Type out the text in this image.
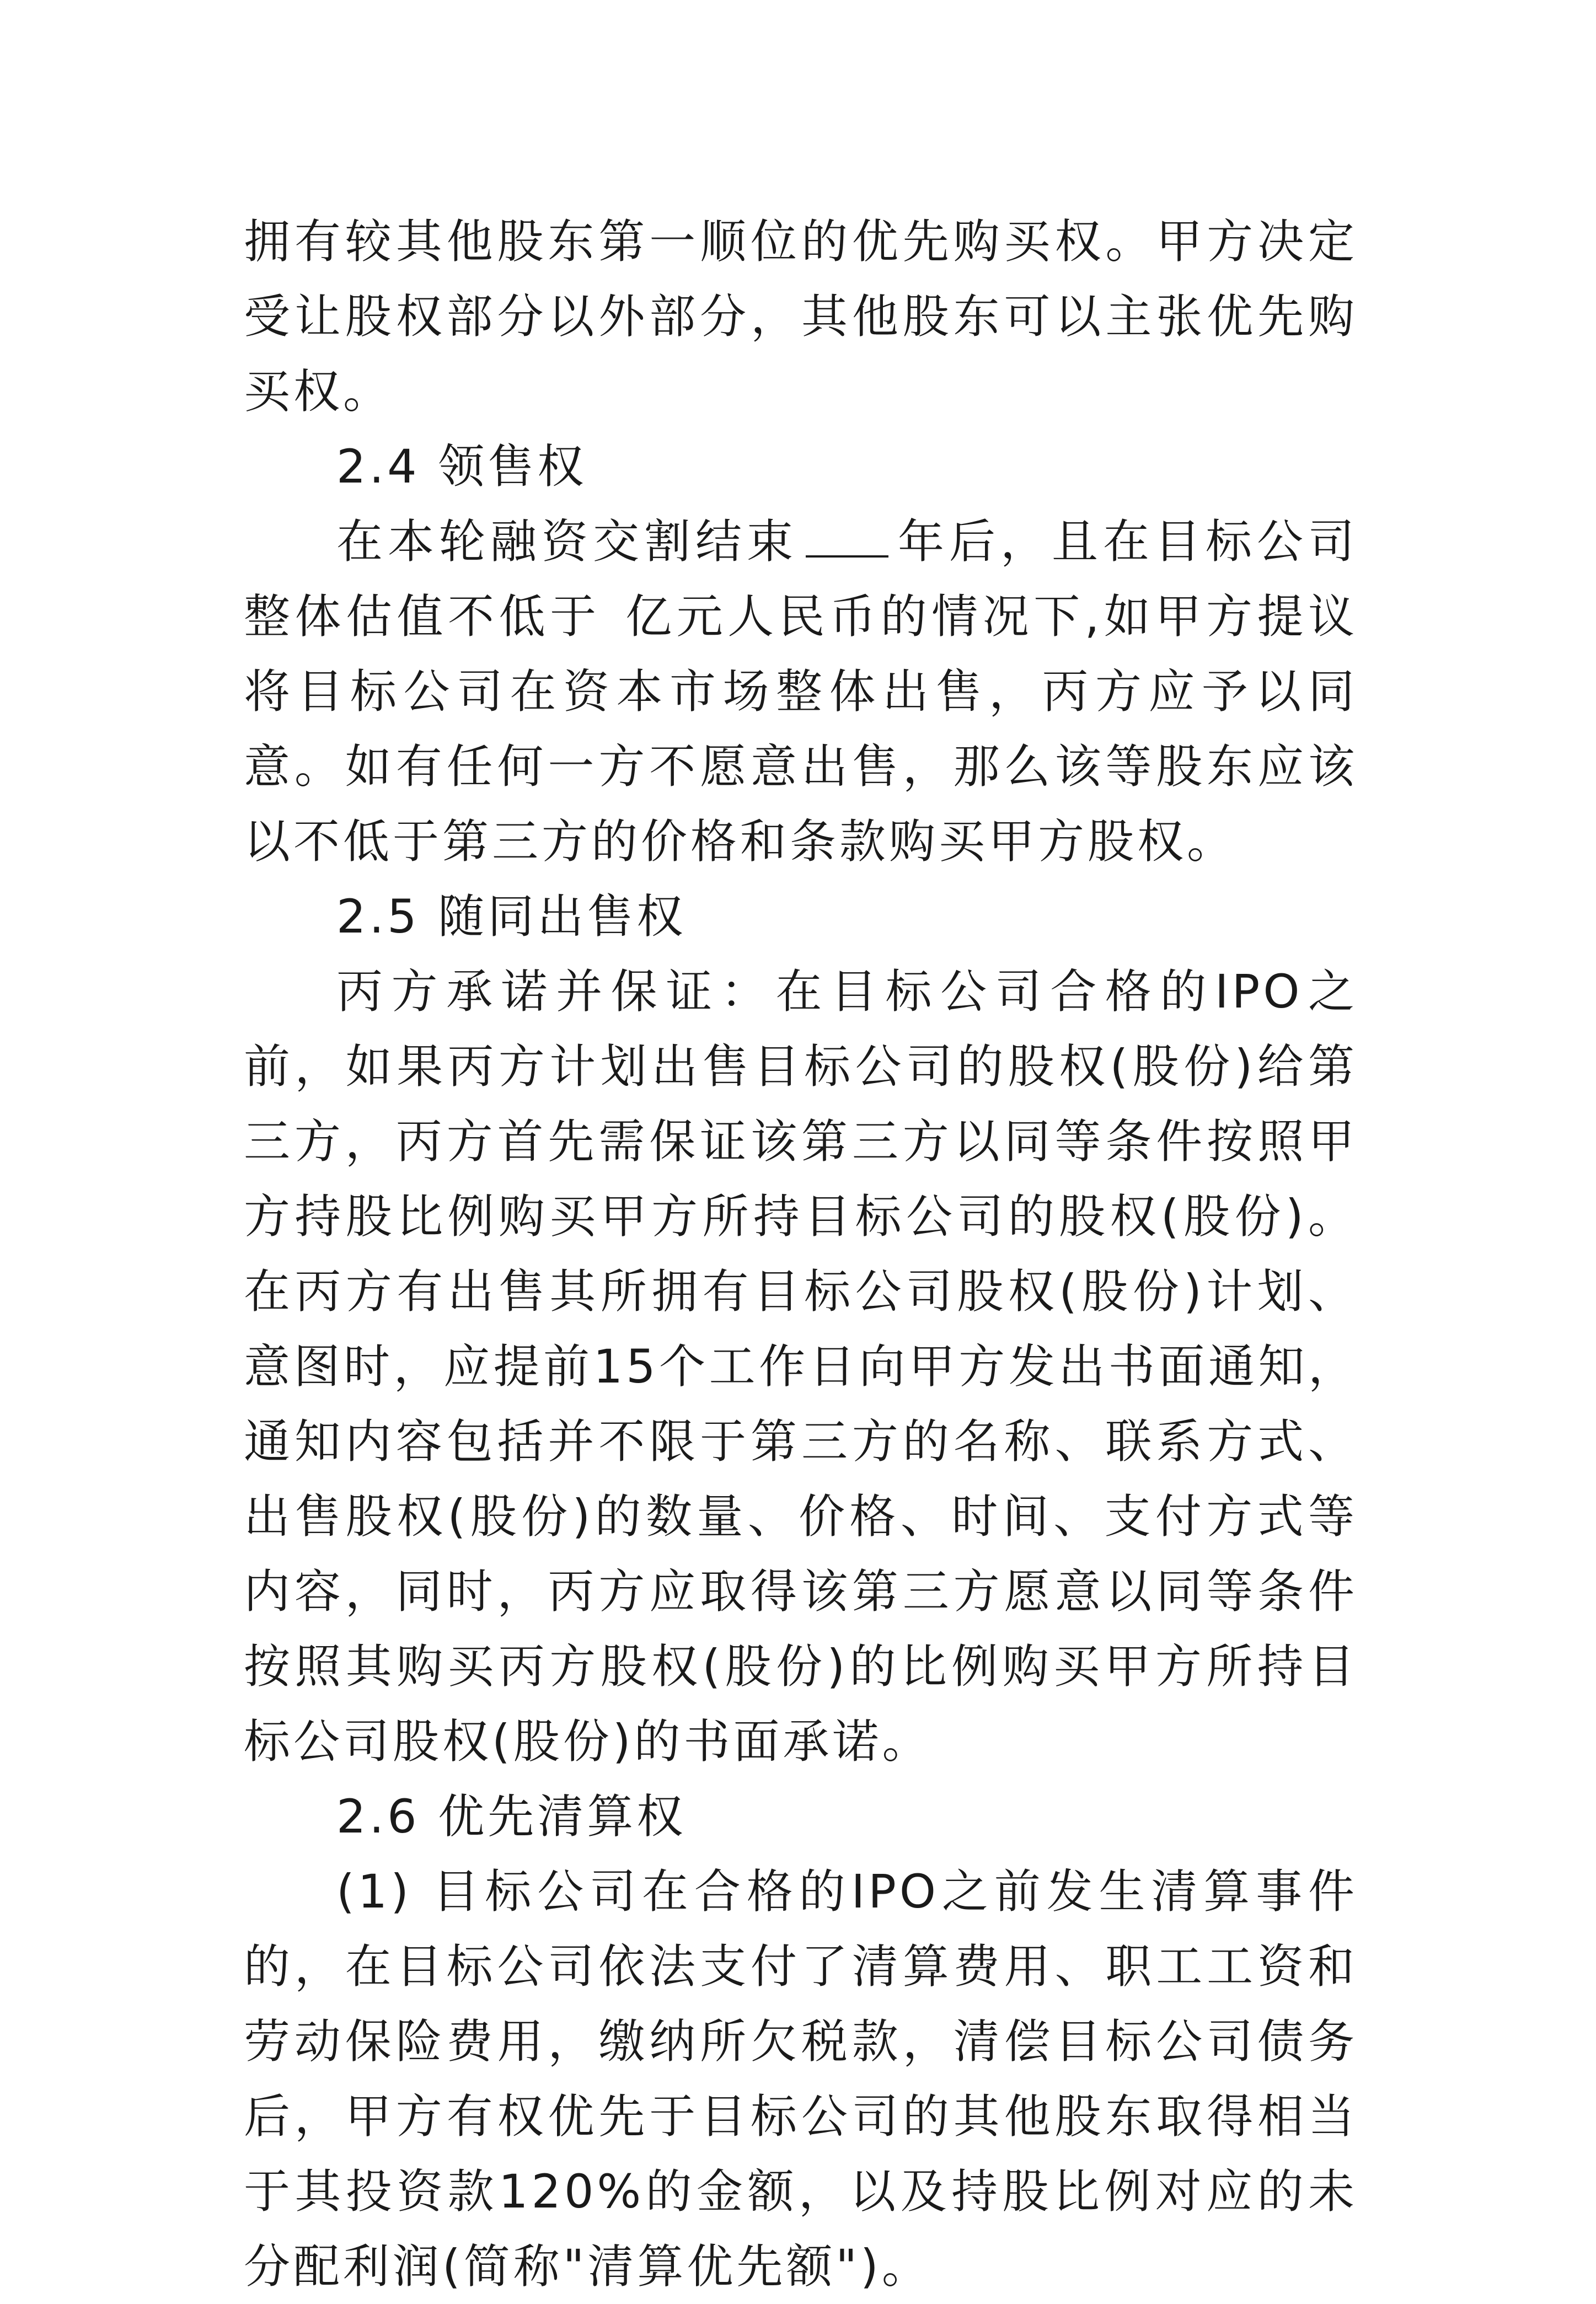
拥有较其他股东第一顺位的优先购买权。甲方决定受让股权部分以外部分，其他股东可以主张优先购买权。

2.4 领售权

在本轮融资交割结束 年后，且在目标公司整体估值不低于 亿元人民币的情况下,如甲方提议将目标公司在资本市场整体出售，丙方应予以同意。如有任何一方不愿意出售，那么该等股东应该以不低于第三方的价格和条款购买甲方股权。

2.5 随同出售权

丙方承诺并保证：在目标公司合格的IPO之前，如果丙方计划出售目标公司的股权(股份)给第三方，丙方首先需保证该第三方以同等条件按照甲方持股比例购买甲方所持目标公司的股权(股份)。在丙方有出售其所拥有目标公司股权(股份)计划、意图时，应提前15个工作日向甲方发出书面通知，通知内容包括并不限于第三方的名称、联系方式、出售股权(股份)的数量、价格、时间、支付方式等内容，同时，丙方应取得该第三方愿意以同等条件按照其购买丙方股权(股份)的比例购买甲方所持目标公司股权(股份)的书面承诺。

2.6 优先清算权

(1) 目标公司在合格的IPO之前发生清算事件的，在目标公司依法支付了清算费用、职工工资和劳动保险费用，缴纳所欠税款，清偿目标公司债务后，甲方有权优先于目标公司的其他股东取得相当于其投资款120%的金额，以及持股比例对应的未分配利润(简称"清算优先额")。
